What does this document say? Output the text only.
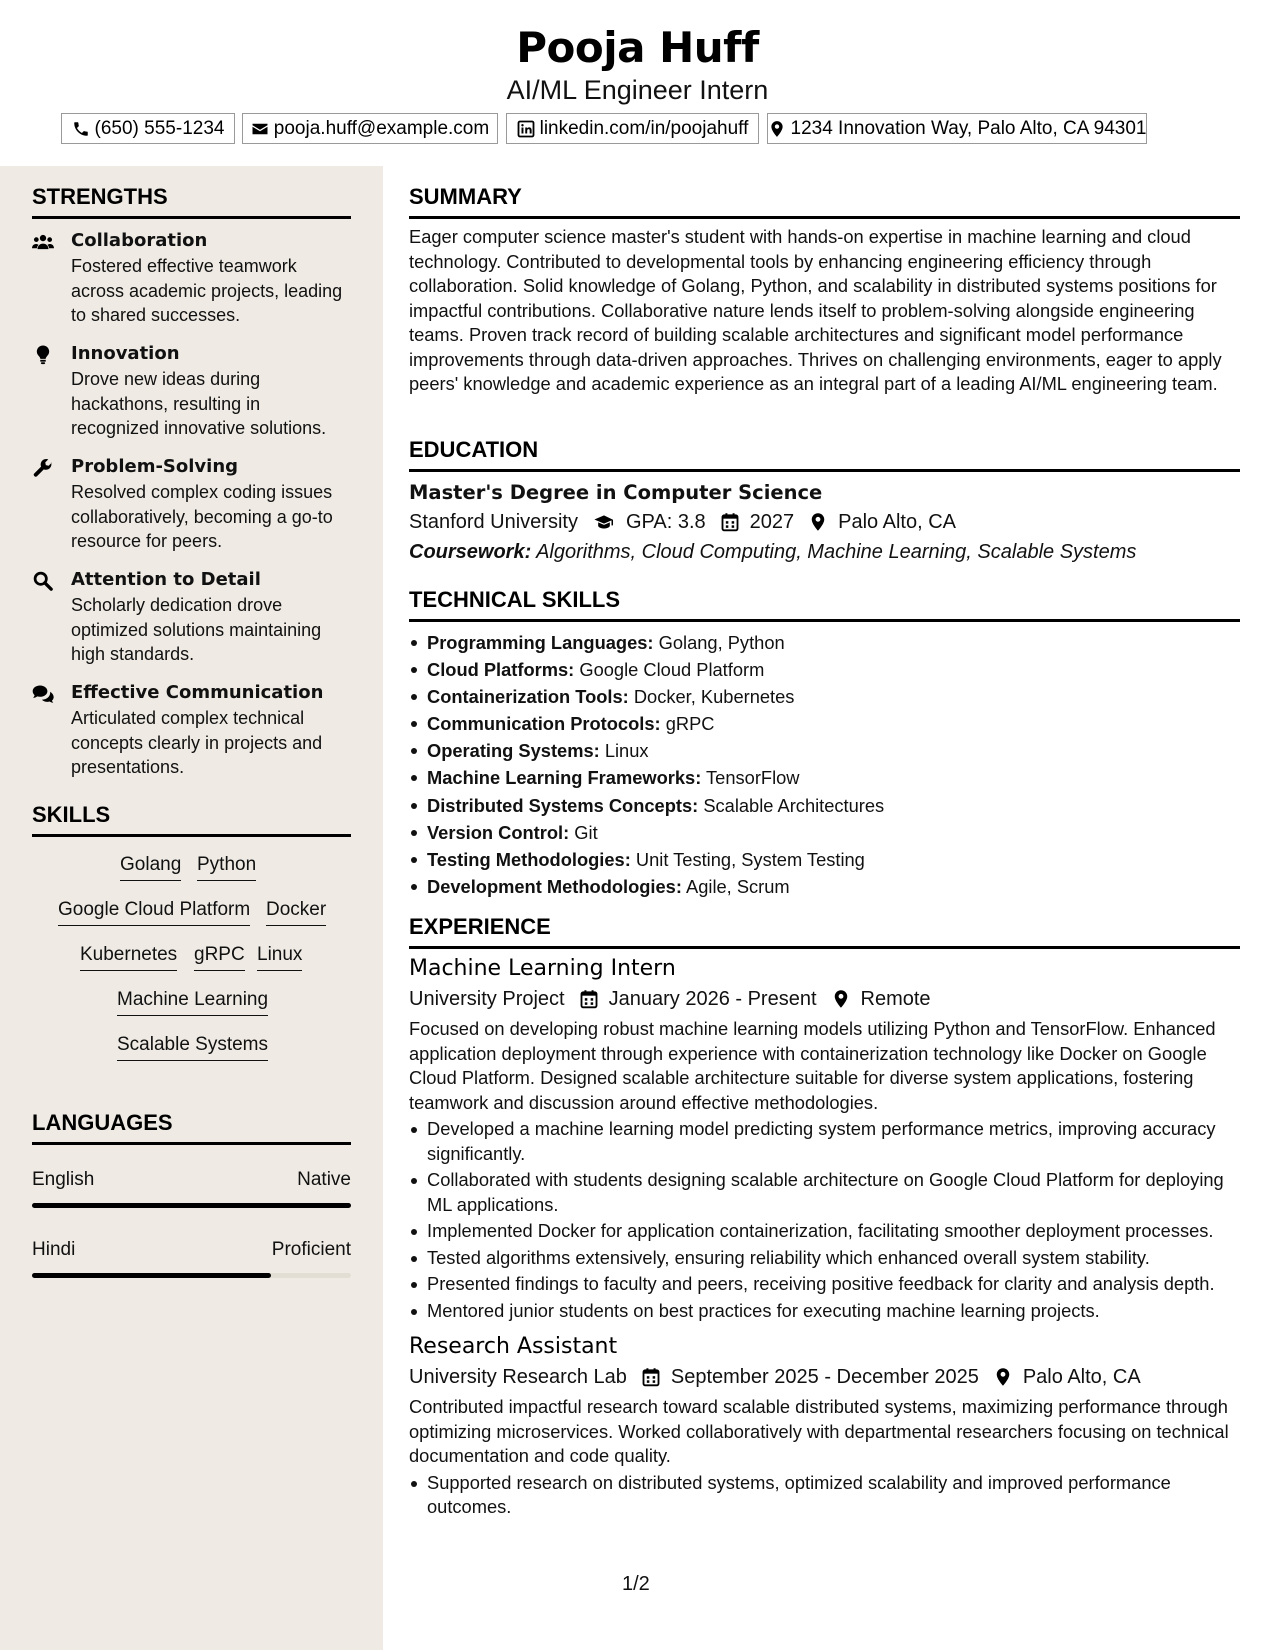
Pooja Huff
AI/ML Engineer Intern
(650) 555-1234	pooja.huff@example.com	linkedin.com/in/poojahuff 1234 Innovation Way, Palo Alto, CA 94301
STRENGTHS
Collaboration
Fostered effective teamwork across academic projects, leading to shared successes.
Innovation
Drove new ideas during hackathons, resulting in recognized innovative solutions.
Problem-Solving
Resolved complex coding issues collaboratively, becoming a go-to resource for peers.
Attention to Detail
Scholarly dedication drove optimized solutions maintaining high standards.
Effective Communication
Articulated complex technical concepts clearly in projects and presentations.
SKILLS
Golang Python
Google Cloud Platform Docker
Kubernetes gRPC Linux
Machine Learning
Scalable Systems
LANGUAGES
English	Native
Hindi	Proficient
SUMMARY
Eager computer science master's student with hands-on expertise in machine learning and cloud technology. Contributed to developmental tools by enhancing engineering efficiency through collaboration. Solid knowledge of Golang, Python, and scalability in distributed systems positions for impactful contributions. Collaborative nature lends itself to problem-solving alongside engineering teams. Proven track record of building scalable architectures and significant model performance improvements through data-driven approaches. Thrives on challenging environments, eager to apply peers' knowledge and academic experience as an integral part of a leading AI/ML engineering team.
EDUCATION
Master's Degree in Computer Science
Stanford University GPA: 3.8 2027 Palo Alto, CA
Coursework: Algorithms, Cloud Computing, Machine Learning, Scalable Systems
TECHNICAL SKILLS
Programming Languages: Golang, Python
Cloud Platforms: Google Cloud Platform
Containerization Tools: Docker, Kubernetes
Communication Protocols: gRPC
Operating Systems: Linux
Machine Learning Frameworks: TensorFlow
Distributed Systems Concepts: Scalable Architectures
Version Control: Git
Testing Methodologies: Unit Testing, System Testing
Development Methodologies: Agile, Scrum
EXPERIENCE
Machine Learning Intern
University Project January 2026 - Present Remote
Focused on developing robust machine learning models utilizing Python and TensorFlow. Enhanced application deployment through experience with containerization technology like Docker on Google Cloud Platform. Designed scalable architecture suitable for diverse system applications, fostering teamwork and discussion around effective methodologies.
Developed a machine learning model predicting system performance metrics, improving accuracy significantly.
Collaborated with students designing scalable architecture on Google Cloud Platform for deploying ML applications.
Implemented Docker for application containerization, facilitating smoother deployment processes.
Tested algorithms extensively, ensuring reliability which enhanced overall system stability.
Presented findings to faculty and peers, receiving positive feedback for clarity and analysis depth.
Mentored junior students on best practices for executing machine learning projects.
Research Assistant
University Research Lab September 2025 - December 2025 Palo Alto, CA
Contributed impactful research toward scalable distributed systems, maximizing performance through optimizing microservices. Worked collaboratively with departmental researchers focusing on technical documentation and code quality.
Supported research on distributed systems, optimized scalability and improved performance outcomes.
1/2
